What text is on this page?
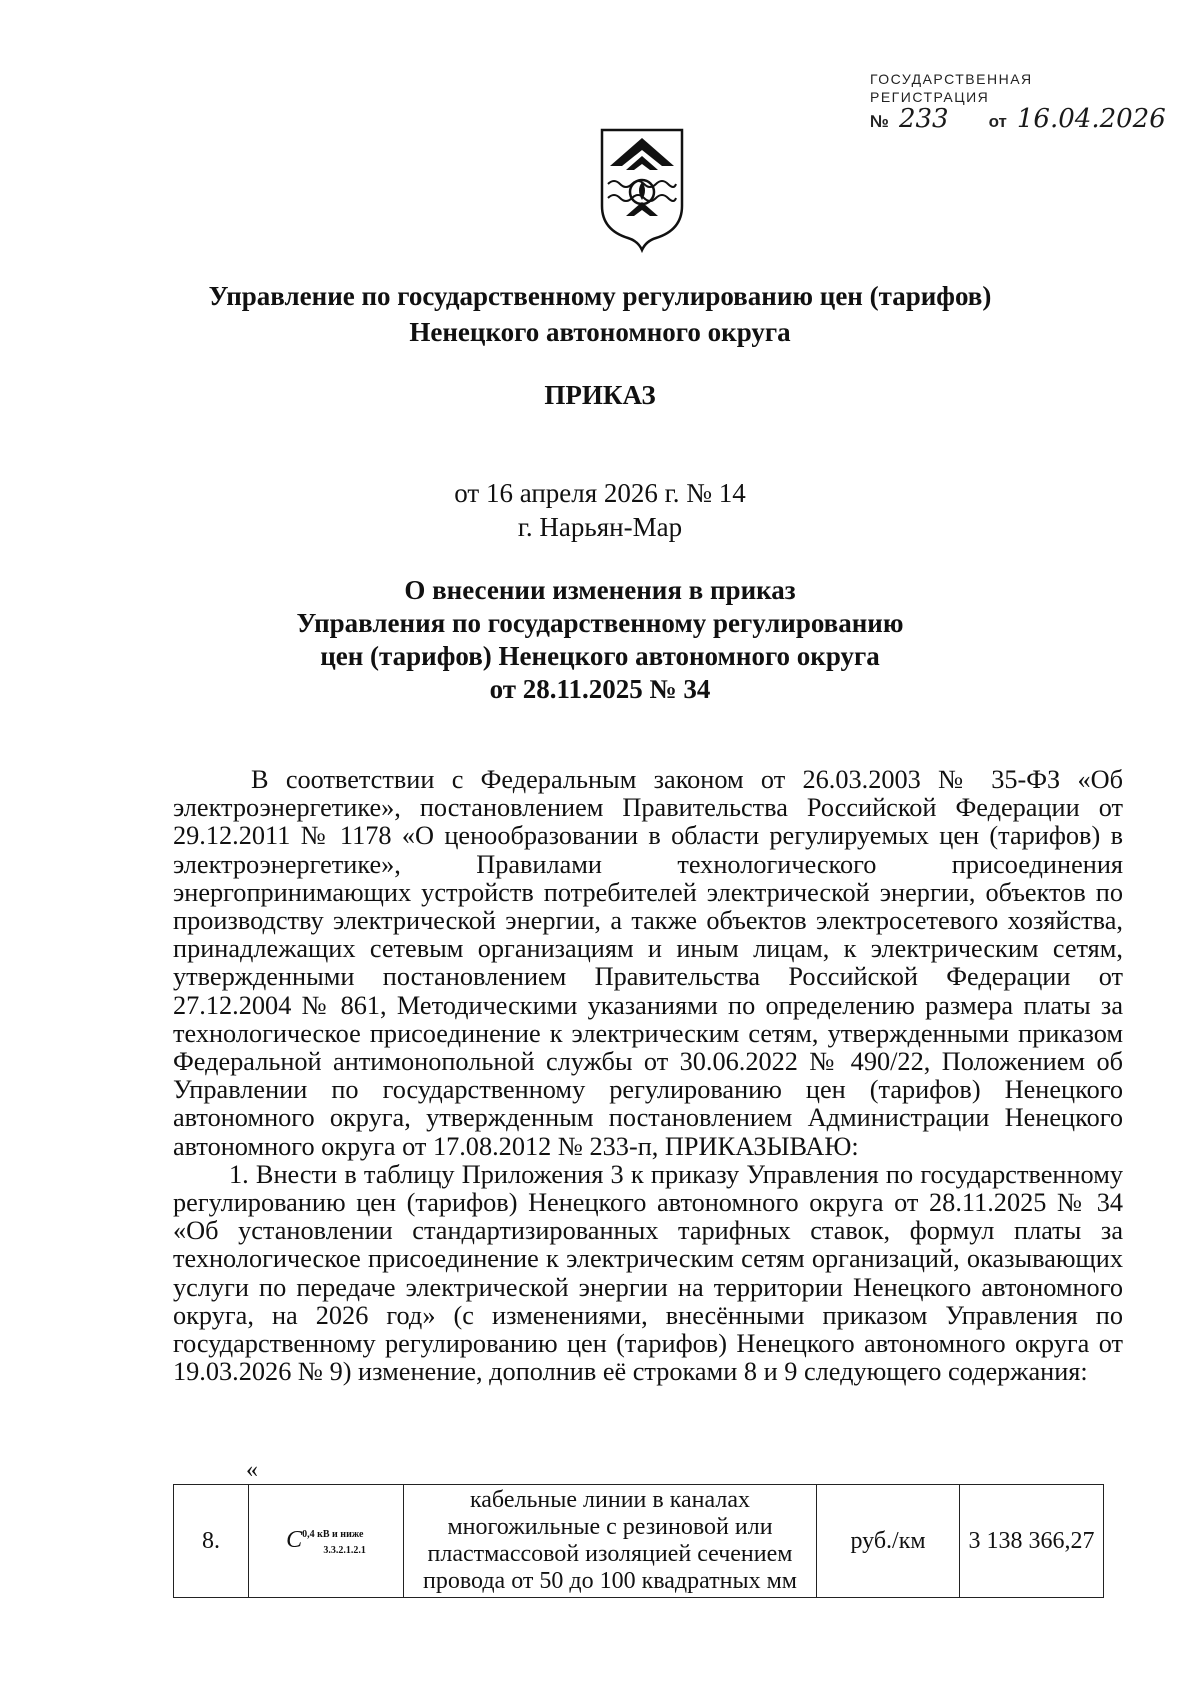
ГОСУДАРСТВЕННАЯ
РЕГИСТРАЦИЯ
№ 233 от 16.04.2026
Управление по государственному регулированию цен (тарифов)
Ненецкого автономного округа
ПРИКАЗ
от 16 апреля 2026 г. № 14
г. Нарьян-Мар
О внесении изменения в приказ
Управления по государственному регулированию
цен (тарифов) Ненецкого автономного округа
от 28.11.2025 № 34

В соответствии с Федеральным законом от 26.03.2003 № 35-ФЗ «Об электроэнергетике», постановлением Правительства Российской Федерации от 29.12.2011 № 1178 «О ценообразовании в области регулируемых цен (тарифов) в электроэнергетике», Правилами технологического присоединения энергопринимающих устройств потребителей электрической энергии, объектов по производству электрической энергии, а также объектов электросетевого хозяйства, принадлежащих сетевым организациям и иным лицам, к электрическим сетям, утвержденными постановлением Правительства Российской Федерации от 27.12.2004 № 861, Методическими указаниями по определению размера платы за технологическое присоединение к электрическим сетям, утвержденными приказом Федеральной антимонопольной службы от 30.06.2022 № 490/22, Положением об Управлении по государственному регулированию цен (тарифов) Ненецкого автономного округа, утвержденным постановлением Администрации Ненецкого автономного округа от 17.08.2012 № 233-п, ПРИКАЗЫВАЮ:

1. Внести в таблицу Приложения 3 к приказу Управления по государственному регулированию цен (тарифов) Ненецкого автономного округа от 28.11.2025 № 34 «Об установлении стандартизированных тарифных ставок, формул платы за технологическое присоединение к электрическим сетям организаций, оказывающих услуги по передаче электрической энергии на территории Ненецкого автономного округа, на 2026 год» (с изменениями, внесёнными приказом Управления по государственному регулированию цен (тарифов) Ненецкого автономного округа от 19.03.2026 № 9) изменение, дополнив её строками 8 и 9 следующего содержания:

«
8.	$C^{0,4 кВ и ниже}_{3.3.2.1.2.1}$	кабельные линии в каналах многожильные с резиновой или пластмассовой изоляцией сечением провода от 50 до 100 квадратных мм	руб./км	3 138 366,27
